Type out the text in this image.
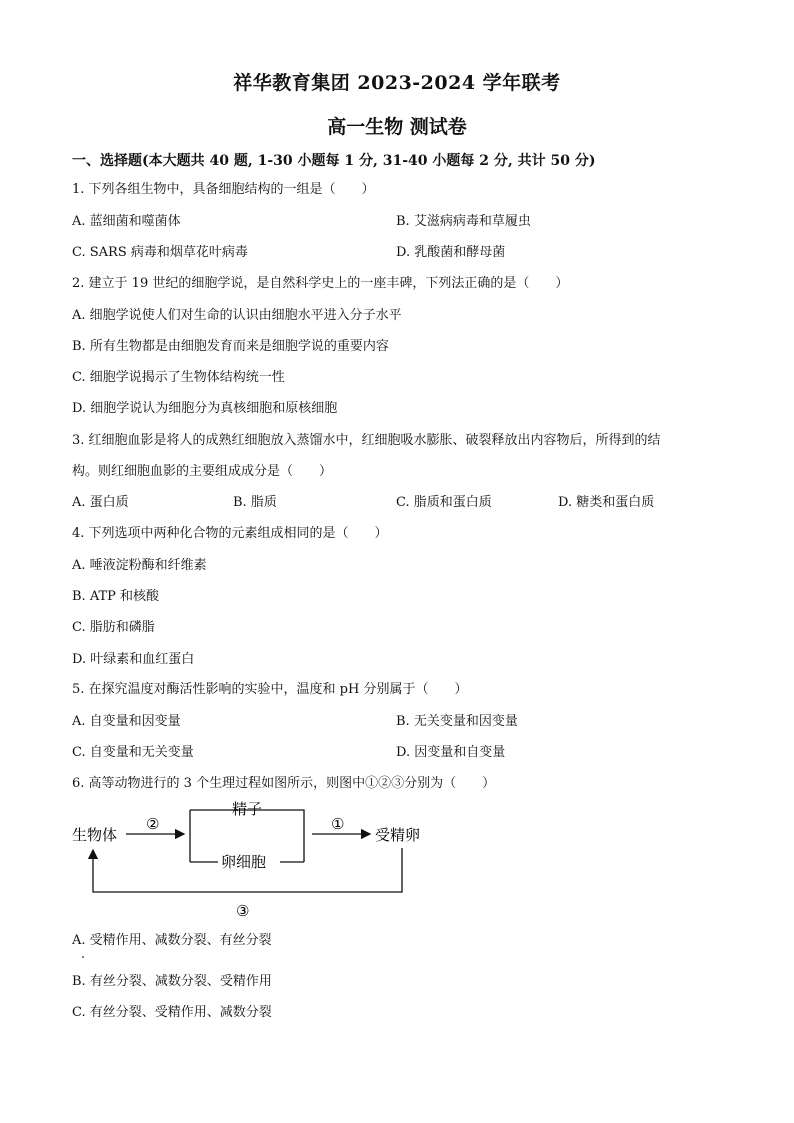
祥华教育集团 2023-2024 学年联考
高一生物 测试卷
一、选择题(本大题共 40 题, 1-30 小题每 1 分, 31-40 小题每 2 分, 共计 50 分)
1. 下列各组生物中，具备细胞结构的一组是（　　）
A. 蓝细菌和噬菌体	B. 艾滋病病毒和草履虫
C. SARS 病毒和烟草花叶病毒	D. 乳酸菌和酵母菌
2. 建立于 19 世纪的细胞学说，是自然科学史上的一座丰碑，下列法正确的是（　　）
A. 细胞学说使人们对生命的认识由细胞水平进入分子水平
B. 所有生物都是由细胞发育而来是细胞学说的重要内容
C. 细胞学说揭示了生物体结构统一性
D. 细胞学说认为细胞分为真核细胞和原核细胞
3. 红细胞血影是将人的成熟红细胞放入蒸馏水中，红细胞吸水膨胀、破裂释放出内容物后，所得到的结
构。则红细胞血影的主要组成成分是（　　）
A. 蛋白质	B. 脂质	C. 脂质和蛋白质	D. 糖类和蛋白质
4. 下列选项中两种化合物的元素组成相同的是（　　）
A. 唾液淀粉酶和纤维素
B. ATP 和核酸
C. 脂肪和磷脂
D. 叶绿素和血红蛋白
5. 在探究温度对酶活性影响的实验中，温度和 pH 分别属于（　　）
A. 自变量和因变量	B. 无关变量和因变量
C. 自变量和无关变量	D. 因变量和自变量
6. 高等动物进行的 3 个生理过程如图所示，则图中①②③分别为（　　）
生物体
②
精子
卵细胞
①
受精卵
③
A. 受精作用、减数分裂、有丝分裂
B. 有丝分裂、减数分裂、受精作用
C. 有丝分裂、受精作用、减数分裂
